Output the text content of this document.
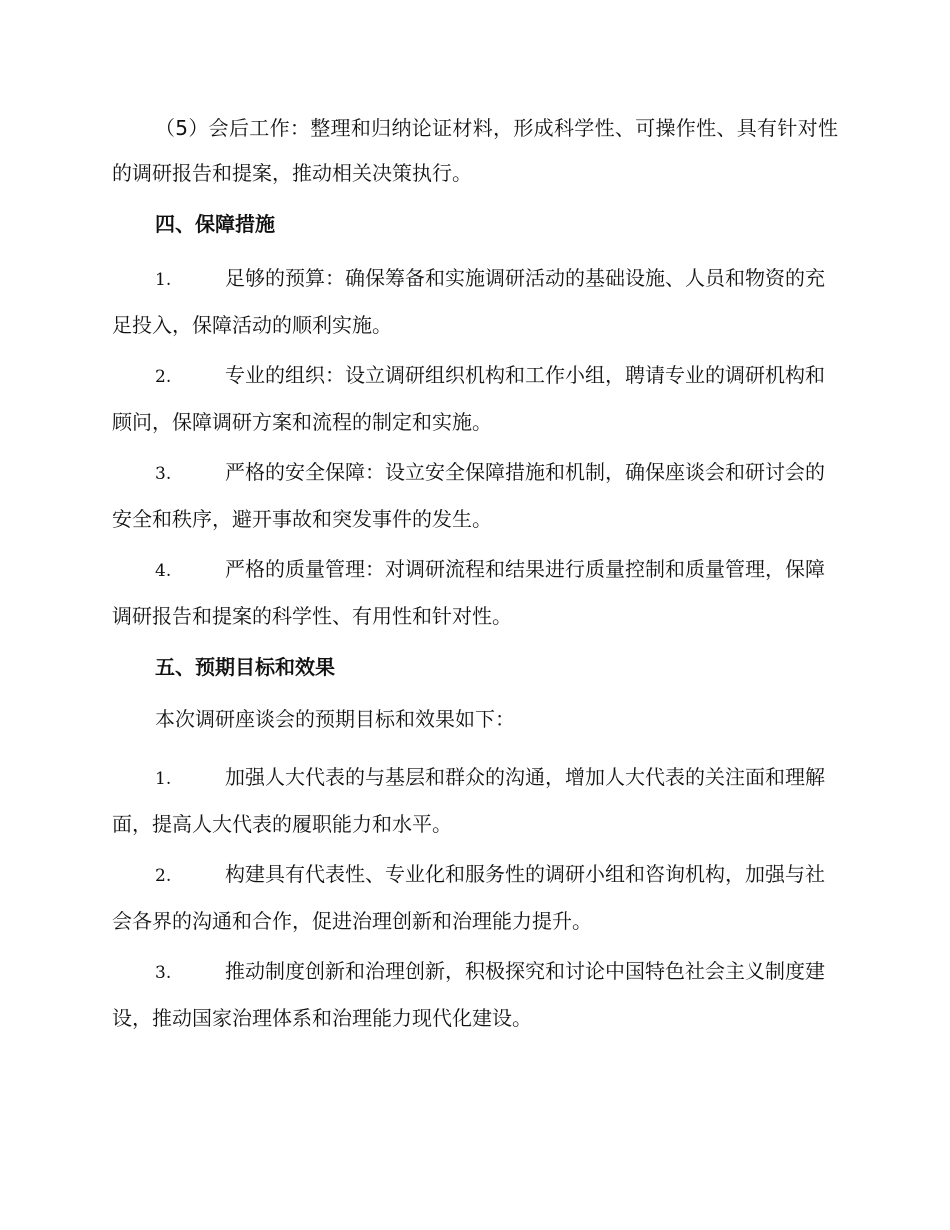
（5）会后工作：整理和归纳论证材料，形成科学性、可操作性、具有针对性的调研报告和提案，推动相关决策执行。

四、保障措施

1.	足够的预算：确保筹备和实施调研活动的基础设施、人员和物资的充足投入，保障活动的顺利实施。

2.	专业的组织：设立调研组织机构和工作小组，聘请专业的调研机构和顾问，保障调研方案和流程的制定和实施。

3.	严格的安全保障：设立安全保障措施和机制，确保座谈会和研讨会的安全和秩序，避开事故和突发事件的发生。

4.	严格的质量管理：对调研流程和结果进行质量控制和质量管理，保障调研报告和提案的科学性、有用性和针对性。

五、预期目标和效果

本次调研座谈会的预期目标和效果如下：

1.	加强人大代表的与基层和群众的沟通，增加人大代表的关注面和理解面，提高人大代表的履职能力和水平。

2.	构建具有代表性、专业化和服务性的调研小组和咨询机构，加强与社会各界的沟通和合作，促进治理创新和治理能力提升。

3.	推动制度创新和治理创新，积极探究和讨论中国特色社会主义制度建设，推动国家治理体系和治理能力现代化建设。
